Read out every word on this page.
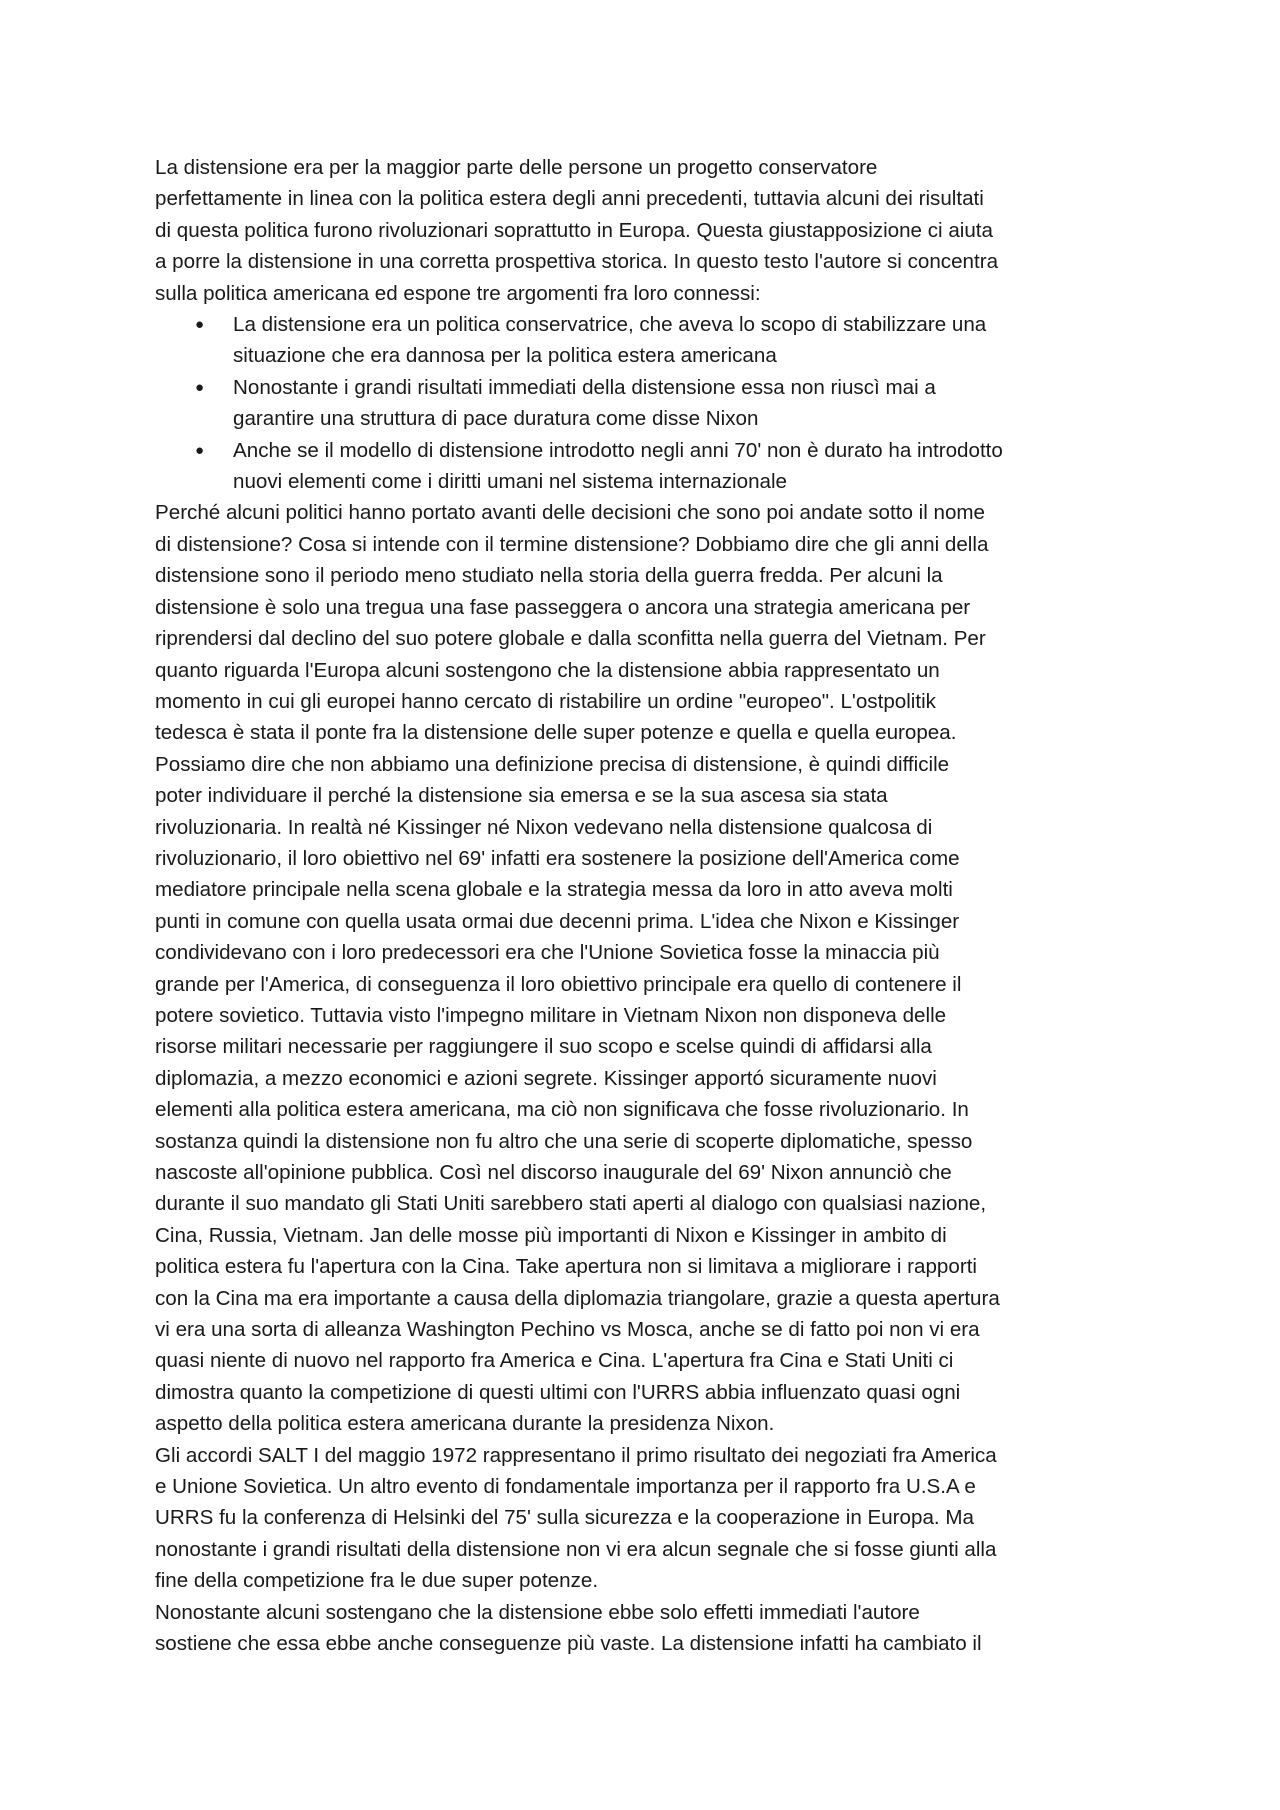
La distensione era per la maggior parte delle persone un progetto conservatore
perfettamente in linea con la politica estera degli anni precedenti, tuttavia alcuni dei risultati
di questa politica furono rivoluzionari soprattutto in Europa. Questa giustapposizione ci aiuta
a porre la distensione in una corretta prospettiva storica. In questo testo l'autore si concentra
sulla politica americana ed espone tre argomenti fra loro connessi:
●	La distensione era un politica conservatrice, che aveva lo scopo di stabilizzare una
situazione che era dannosa per la politica estera americana
●	Nonostante i grandi risultati immediati della distensione essa non riuscì mai a
garantire una struttura di pace duratura come disse Nixon
●	Anche se il modello di distensione introdotto negli anni 70' non è durato ha introdotto
nuovi elementi come i diritti umani nel sistema internazionale
Perché alcuni politici hanno portato avanti delle decisioni che sono poi andate sotto il nome
di distensione? Cosa si intende con il termine distensione? Dobbiamo dire che gli anni della
distensione sono il periodo meno studiato nella storia della guerra fredda. Per alcuni la
distensione è solo una tregua una fase passeggera o ancora una strategia americana per
riprendersi dal declino del suo potere globale e dalla sconfitta nella guerra del Vietnam. Per
quanto riguarda l'Europa alcuni sostengono che la distensione abbia rappresentato un
momento in cui gli europei hanno cercato di ristabilire un ordine "europeo". L'ostpolitik
tedesca è stata il ponte fra la distensione delle super potenze e quella e quella europea.
Possiamo dire che non abbiamo una definizione precisa di distensione, è quindi difficile
poter individuare il perché la distensione sia emersa e se la sua ascesa sia stata
rivoluzionaria. In realtà né Kissinger né Nixon vedevano nella distensione qualcosa di
rivoluzionario, il loro obiettivo nel 69' infatti era sostenere la posizione dell'America come
mediatore principale nella scena globale e la strategia messa da loro in atto aveva molti
punti in comune con quella usata ormai due decenni prima. L'idea che Nixon e Kissinger
condividevano con i loro predecessori era che l'Unione Sovietica fosse la minaccia più
grande per l'America, di conseguenza il loro obiettivo principale era quello di contenere il
potere sovietico. Tuttavia visto l'impegno militare in Vietnam Nixon non disponeva delle
risorse militari necessarie per raggiungere il suo scopo e scelse quindi di affidarsi alla
diplomazia, a mezzo economici e azioni segrete. Kissinger apportó sicuramente nuovi
elementi alla politica estera americana, ma ciò non significava che fosse rivoluzionario. In
sostanza quindi la distensione non fu altro che una serie di scoperte diplomatiche, spesso
nascoste all'opinione pubblica. Così nel discorso inaugurale del 69' Nixon annunciò che
durante il suo mandato gli Stati Uniti sarebbero stati aperti al dialogo con qualsiasi nazione,
Cina, Russia, Vietnam. Jan delle mosse più importanti di Nixon e Kissinger in ambito di
politica estera fu l'apertura con la Cina. Take apertura non si limitava a migliorare i rapporti
con la Cina ma era importante a causa della diplomazia triangolare, grazie a questa apertura
vi era una sorta di alleanza Washington Pechino vs Mosca, anche se di fatto poi non vi era
quasi niente di nuovo nel rapporto fra America e Cina. L'apertura fra Cina e Stati Uniti ci
dimostra quanto la competizione di questi ultimi con l'URRS abbia influenzato quasi ogni
aspetto della politica estera americana durante la presidenza Nixon.
Gli accordi SALT I del maggio 1972 rappresentano il primo risultato dei negoziati fra America
e Unione Sovietica. Un altro evento di fondamentale importanza per il rapporto fra U.S.A e
URRS fu la conferenza di Helsinki del 75' sulla sicurezza e la cooperazione in Europa. Ma
nonostante i grandi risultati della distensione non vi era alcun segnale che si fosse giunti alla
fine della competizione fra le due super potenze.
Nonostante alcuni sostengano che la distensione ebbe solo effetti immediati l'autore
sostiene che essa ebbe anche conseguenze più vaste. La distensione infatti ha cambiato il
